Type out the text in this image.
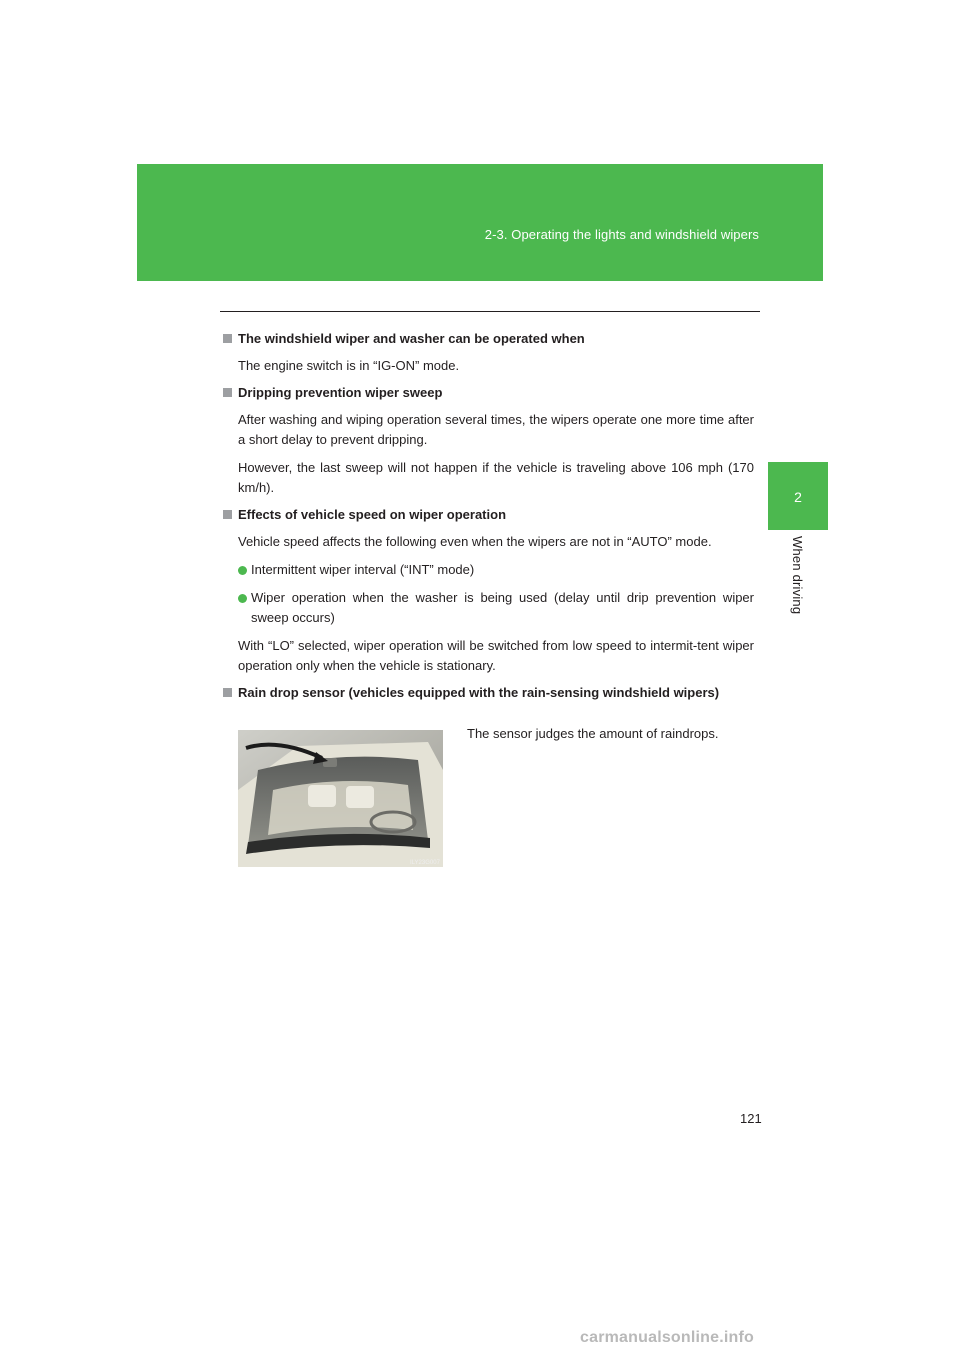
2-3. Operating the lights and windshield wipers
2
When driving
The windshield wiper and washer can be operated when

The engine switch is in “IG-ON” mode.

Dripping prevention wiper sweep

After washing and wiping operation several times, the wipers operate one more time after a short delay to prevent dripping.

However, the last sweep will not happen if the vehicle is traveling above 106 mph (170 km/h).

Effects of vehicle speed on wiper operation

Vehicle speed affects the following even when the wipers are not in “AUTO” mode.

Intermittent wiper interval (“INT” mode)
Wiper operation when the washer is being used (delay until drip prevention wiper sweep occurs)

With “LO” selected, wiper operation will be switched from low speed to intermit-tent wiper operation only when the vehicle is stationary.

Rain drop sensor (vehicles equipped with the rain-sensing windshield wipers)
ILY23G007
The sensor judges the amount of raindrops.
121
carmanualsonline.info
